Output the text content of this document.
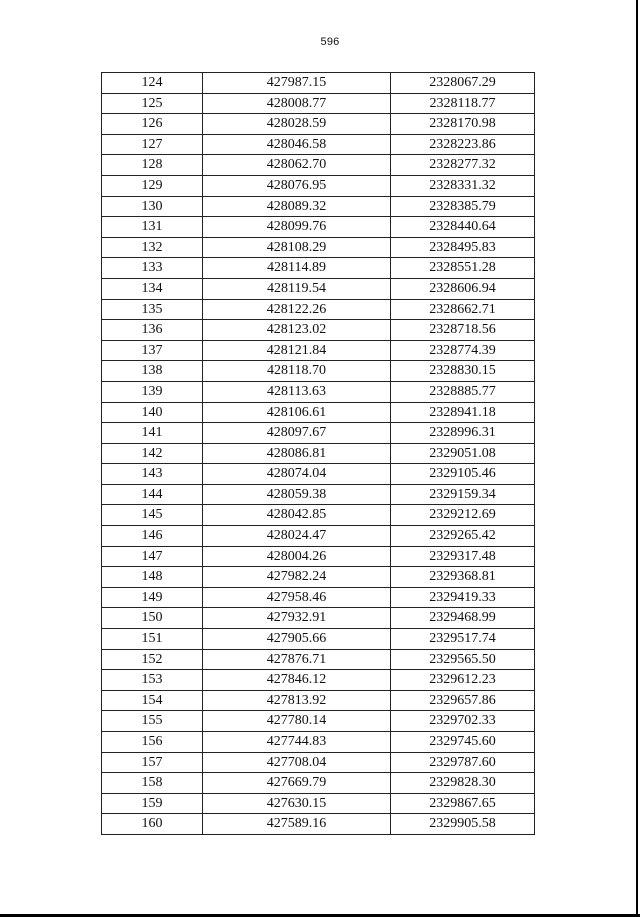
596
124	427987.15	2328067.29
125	428008.77	2328118.77
126	428028.59	2328170.98
127	428046.58	2328223.86
128	428062.70	2328277.32
129	428076.95	2328331.32
130	428089.32	2328385.79
131	428099.76	2328440.64
132	428108.29	2328495.83
133	428114.89	2328551.28
134	428119.54	2328606.94
135	428122.26	2328662.71
136	428123.02	2328718.56
137	428121.84	2328774.39
138	428118.70	2328830.15
139	428113.63	2328885.77
140	428106.61	2328941.18
141	428097.67	2328996.31
142	428086.81	2329051.08
143	428074.04	2329105.46
144	428059.38	2329159.34
145	428042.85	2329212.69
146	428024.47	2329265.42
147	428004.26	2329317.48
148	427982.24	2329368.81
149	427958.46	2329419.33
150	427932.91	2329468.99
151	427905.66	2329517.74
152	427876.71	2329565.50
153	427846.12	2329612.23
154	427813.92	2329657.86
155	427780.14	2329702.33
156	427744.83	2329745.60
157	427708.04	2329787.60
158	427669.79	2329828.30
159	427630.15	2329867.65
160	427589.16	2329905.58
